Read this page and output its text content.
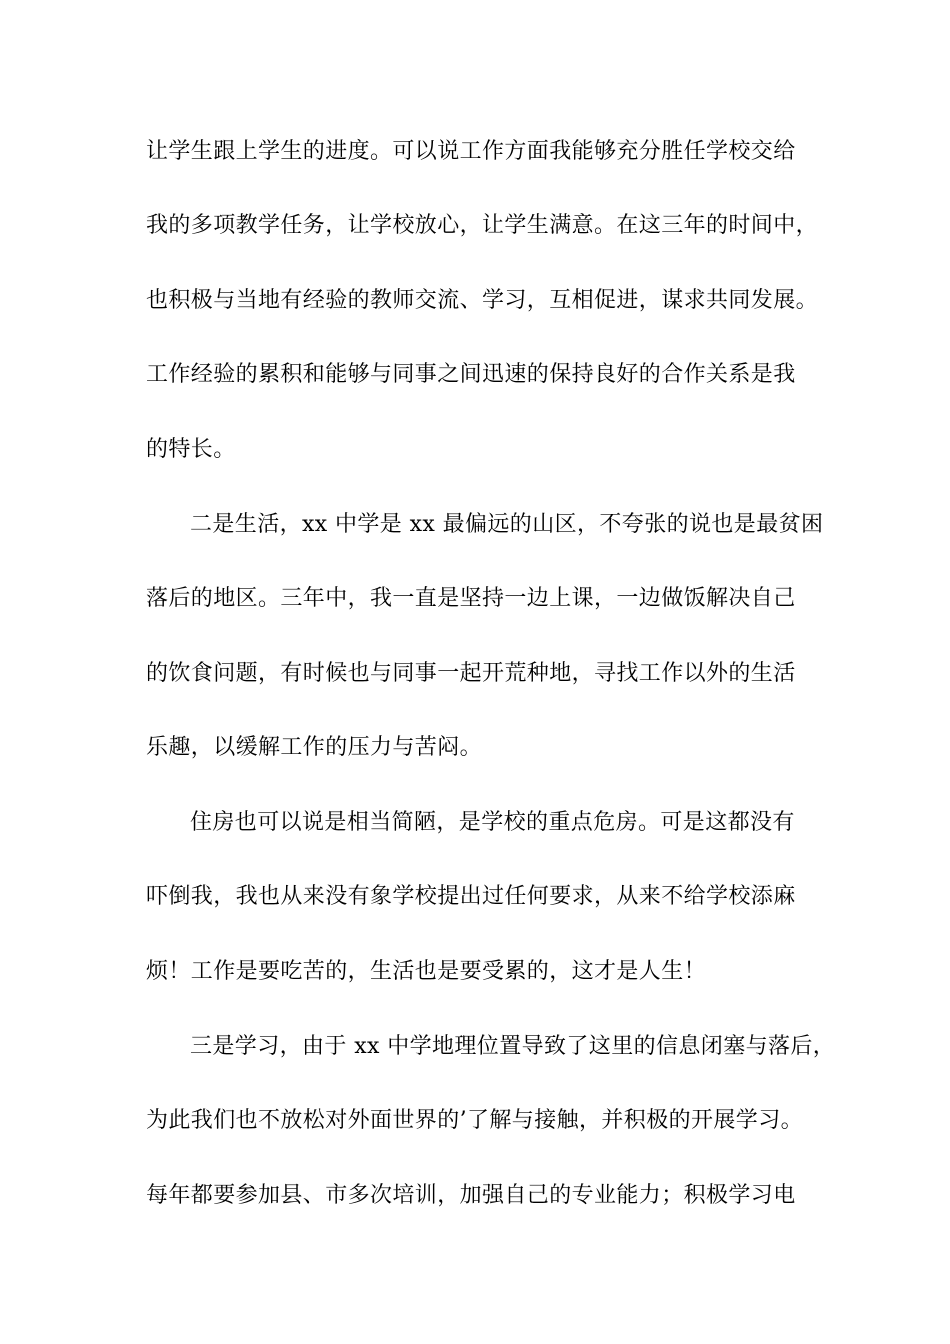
让学生跟上学生的进度。可以说工作方面我能够充分胜任学校交给
我的多项教学任务，让学校放心，让学生满意。在这三年的时间中，
也积极与当地有经验的教师交流、学习，互相促进，谋求共同发展。
工作经验的累积和能够与同事之间迅速的保持良好的合作关系是我
的特长。
二是生活，xx 中学是 xx 最偏远的山区，不夸张的说也是最贫困
落后的地区。三年中，我一直是坚持一边上课，一边做饭解决自己
的饮食问题，有时候也与同事一起开荒种地，寻找工作以外的生活
乐趣，以缓解工作的压力与苦闷。
住房也可以说是相当简陋，是学校的重点危房。可是这都没有
吓倒我，我也从来没有象学校提出过任何要求，从来不给学校添麻
烦！工作是要吃苦的，生活也是要受累的，这才是人生！
三是学习，由于 xx 中学地理位置导致了这里的信息闭塞与落后，
为此我们也不放松对外面世界的’了解与接触，并积极的开展学习。
每年都要参加县、市多次培训，加强自己的专业能力；积极学习电
